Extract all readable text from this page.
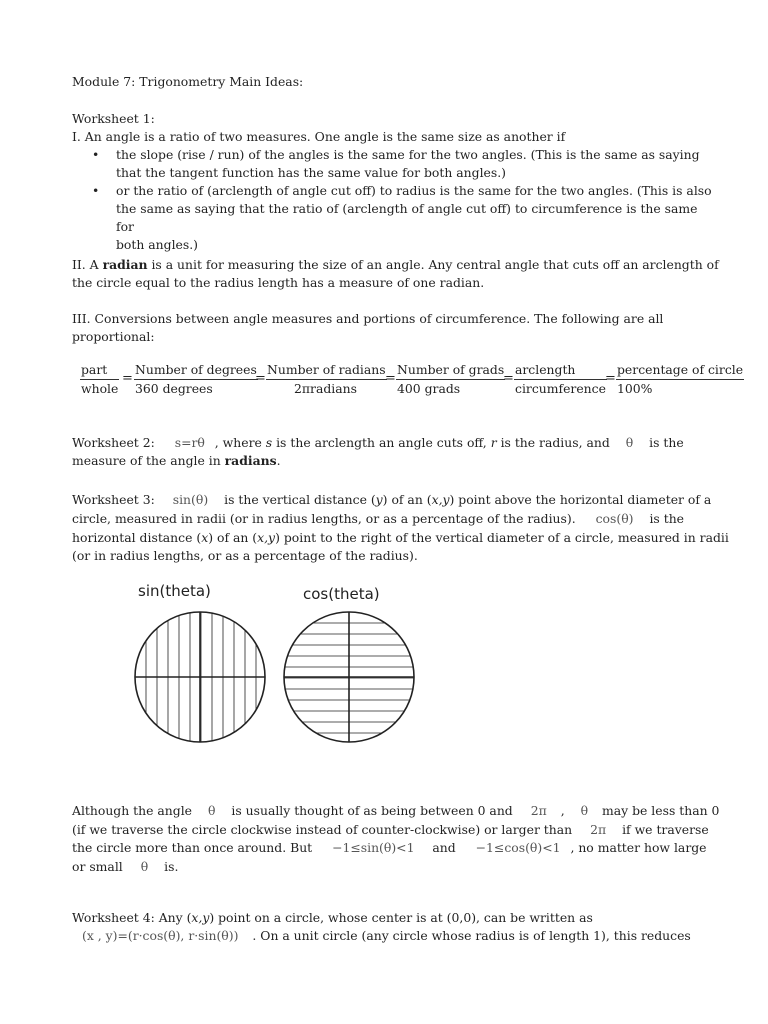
Module 7: Trigonometry Main Ideas:
Worksheet 1:
I. An angle is a ratio of two measures. One angle is the same size as another if
• the slope (rise / run) of the angles is the same for the two angles. (This is the same as saying
that the tangent function has the same value for both angles.)
• or the ratio of (arclength of angle cut off) to radius is the same for the two angles. (This is also
the same as saying that the ratio of (arclength of angle cut off) to circumference is the same for
both angles.)
II. A radian is a unit for measuring the size of an angle. Any central angle that cuts off an arclength of
the circle equal to the radius length has a measure of one radian.
III. Conversions between angle measures and portions of circumference. The following are all
proportional:
part
whole
=
Number of degrees
360 degrees
=
Number of radians
2πradians
=
Number of grads
400 grads
=
arclength
circumference
=
percentage of circle
100%
Worksheet 2: s=rθ , where s is the arclength an angle cuts off, r is the radius, and θ is the
measure of the angle in radians.
Worksheet 3: sin(θ) is the vertical distance (y) of an (x,y) point above the horizontal diameter of a
circle, measured in radii (or in radius lengths, or as a percentage of the radius). cos(θ) is the
horizontal distance (x) of an (x,y) point to the right of the vertical diameter of a circle, measured in radii
(or in radius lengths, or as a percentage of the radius).
sin(theta)	cos(theta)
Although the angle θ is usually thought of as being between 0 and 2π , θ may be less than 0
(if we traverse the circle clockwise instead of counter-clockwise) or larger than 2π if we traverse
the circle more than once around. But −1≤sin(θ)<1 and −1≤cos(θ)<1 , no matter how large
or small θ is.
Worksheet 4: Any (x,y) point on a circle, whose center is at (0,0), can be written as
(x , y)=(r·cos(θ), r·sin(θ)) . On a unit circle (any circle whose radius is of length 1), this reduces
